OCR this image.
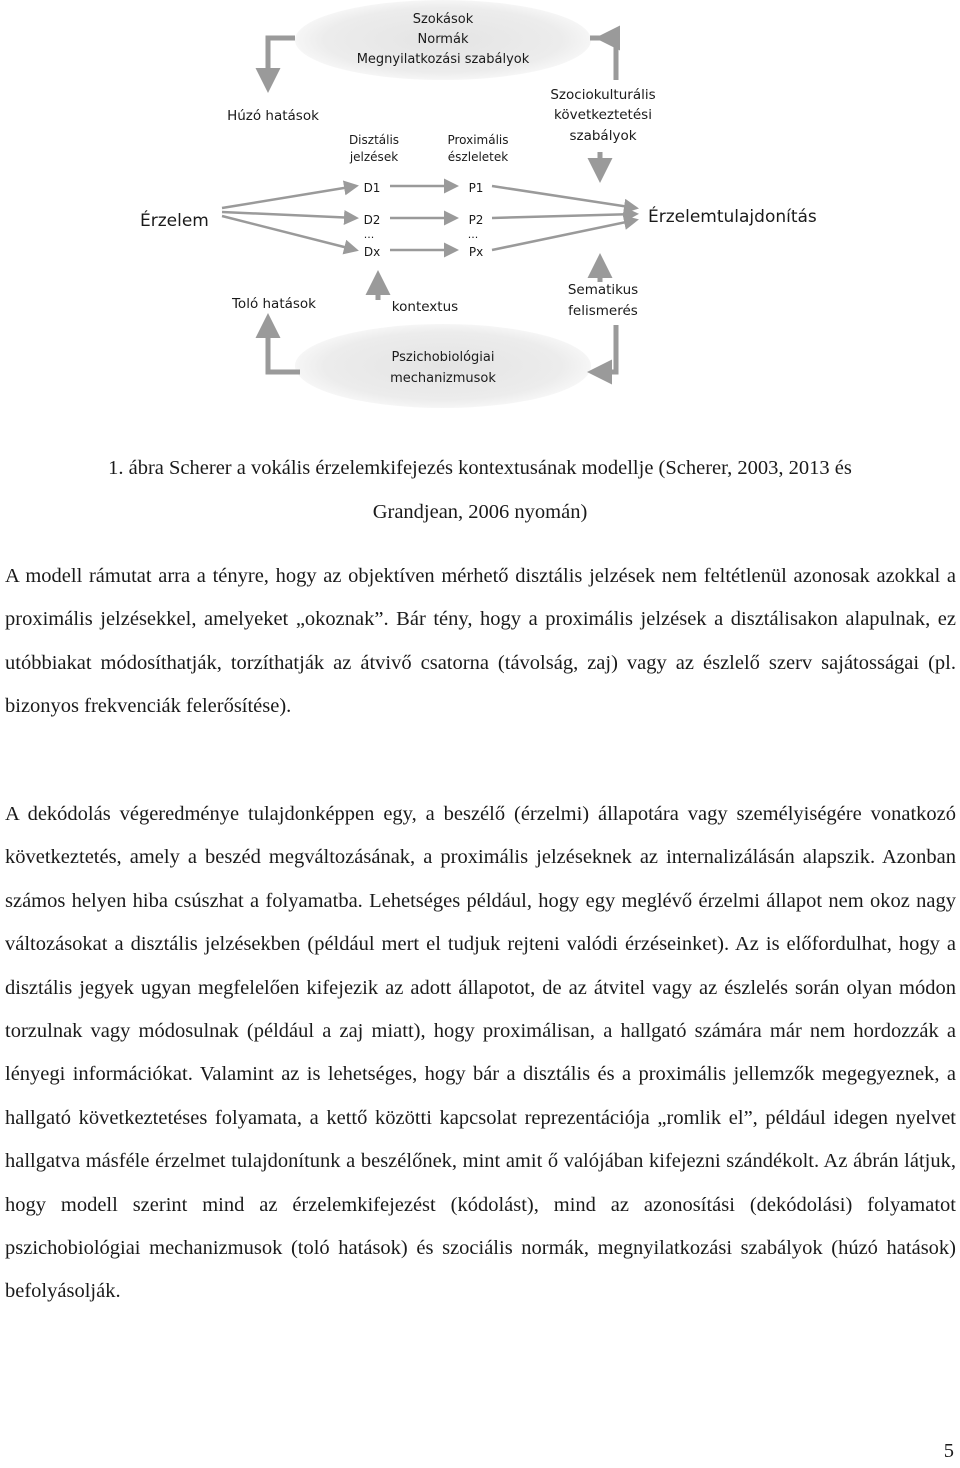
Szokások
Normák
Megnyilatkozási szabályok
Pszichobiológiai
mechanizmusok
Húzó hatások
Toló hatások
Érzelem	Érzelemtulajdonítás
Szociokulturális
következtetési
szabályok
Sematikus
felismerés
Disztális
jelzések
Proximális
észleletek
D1
D2
...
Dx
P1
P2
...
Px
kontextus
1. ábra Scherer a vokális érzelemkifejezés kontextusának modellje (Scherer, 2003, 2013 és
Grandjean, 2006 nyomán)

A modell rámutat arra a tényre, hogy az objektíven mérhető disztális jelzések nem feltétlenül azonosak azokkal a proximális jelzésekkel, amelyeket „okoznak”. Bár tény, hogy a proximális jelzések a disztálisakon alapulnak, ez utóbbiakat módosíthatják, torzíthatják az átvivő csatorna (távolság, zaj) vagy az észlelő szerv sajátosságai (pl. bizonyos frekvenciák felerősítése).

A dekódolás végeredménye tulajdonképpen egy, a beszélő (érzelmi) állapotára vagy személyiségére vonatkozó következtetés, amely a beszéd megváltozásának, a proximális jelzéseknek az internalizálásán alapszik. Azonban számos helyen hiba csúszhat a folyamatba. Lehetséges például, hogy egy meglévő érzelmi állapot nem okoz nagy változásokat a disztális jelzésekben (például mert el tudjuk rejteni valódi érzéseinket). Az is előfordulhat, hogy a disztális jegyek ugyan megfelelően kifejezik az adott állapotot, de az átvitel vagy az észlelés során olyan módon torzulnak vagy módosulnak (például a zaj miatt), hogy proximálisan, a hallgató számára már nem hordozzák a lényegi információkat. Valamint az is lehetséges, hogy bár a disztális és a proximális jellemzők megegyeznek, a hallgató következtetéses folyamata, a kettő közötti kapcsolat reprezentációja „romlik el”, például idegen nyelvet hallgatva másféle érzelmet tulajdonítunk a beszélőnek, mint amit ő valójában kifejezni szándékolt. Az ábrán látjuk, hogy modell szerint mind az érzelemkifejezést (kódolást), mind az azonosítási (dekódolási) folyamatot pszichobiológiai mechanizmusok (toló hatások) és szociális normák, megnyilatkozási szabályok (húzó hatások) befolyásolják.

5
